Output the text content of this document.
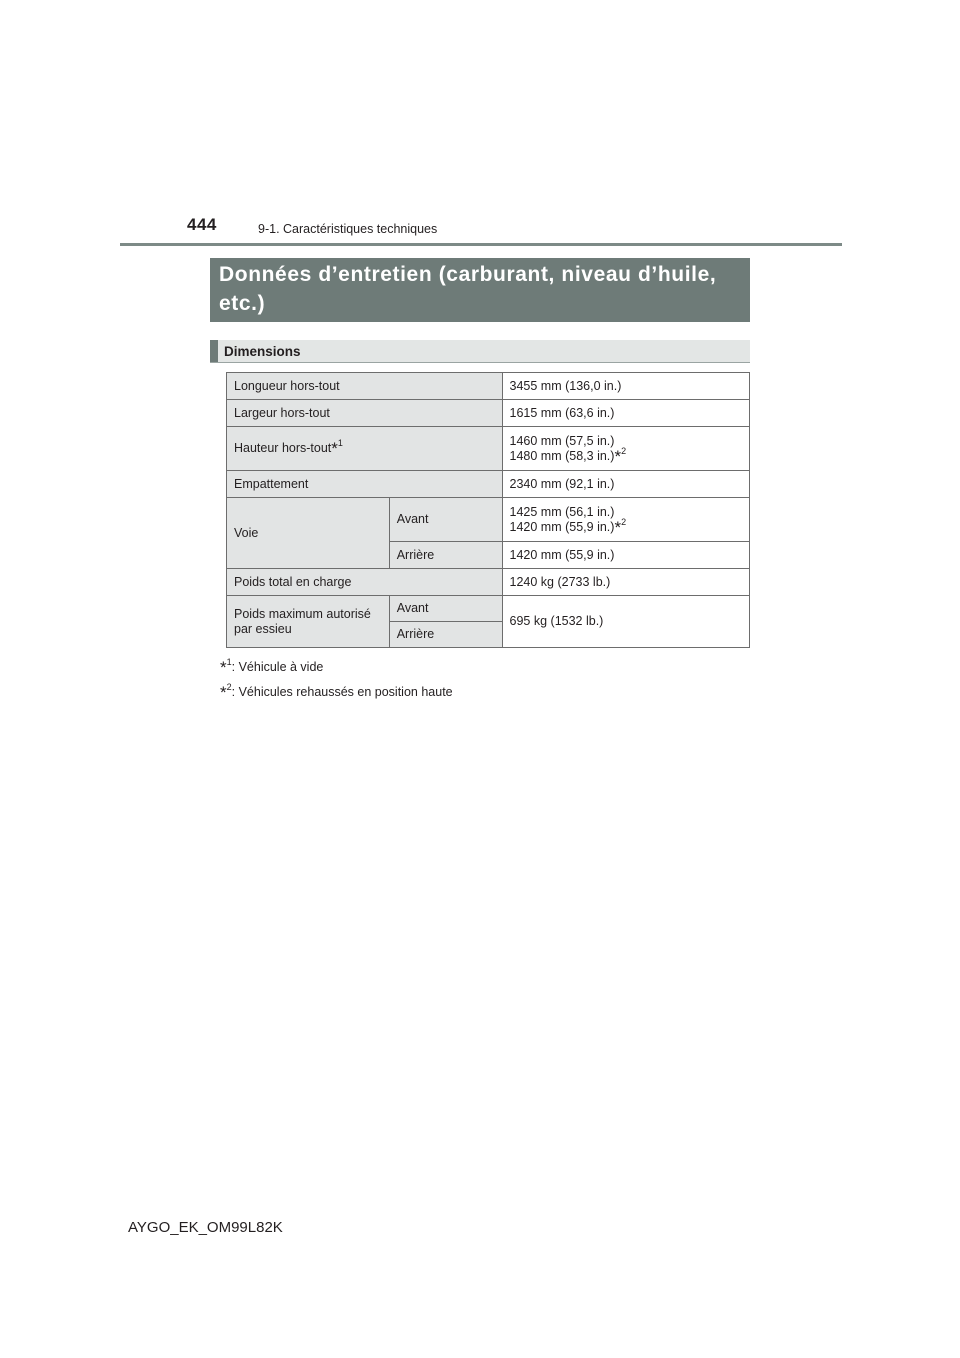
444	9-1. Caractéristiques techniques
Données d’entretien (carburant, niveau d’huile, etc.)
Dimensions
Longueur hors-tout		3455 mm (136,0 in.)
Largeur hors-tout		1615 mm (63,6 in.)
Hauteur hors-tout*$^1$		1460 mm (57,5 in.)
1480 mm (58,3 in.)*$^2$
Empattement		2340 mm (92,1 in.)
Voie	Avant	1425 mm (56,1 in.)
1420 mm (55,9 in.)*$^2$
	Arrière	1420 mm (55,9 in.)
Poids total en charge		1240 kg (2733 lb.)
Poids maximum autorisé
par essieu	Avant	695 kg (1532 lb.)
	Arrière	
*$^1$: Véhicule à vide
*$^2$: Véhicules rehaussés en position haute
AYGO_EK_OM99L82K
